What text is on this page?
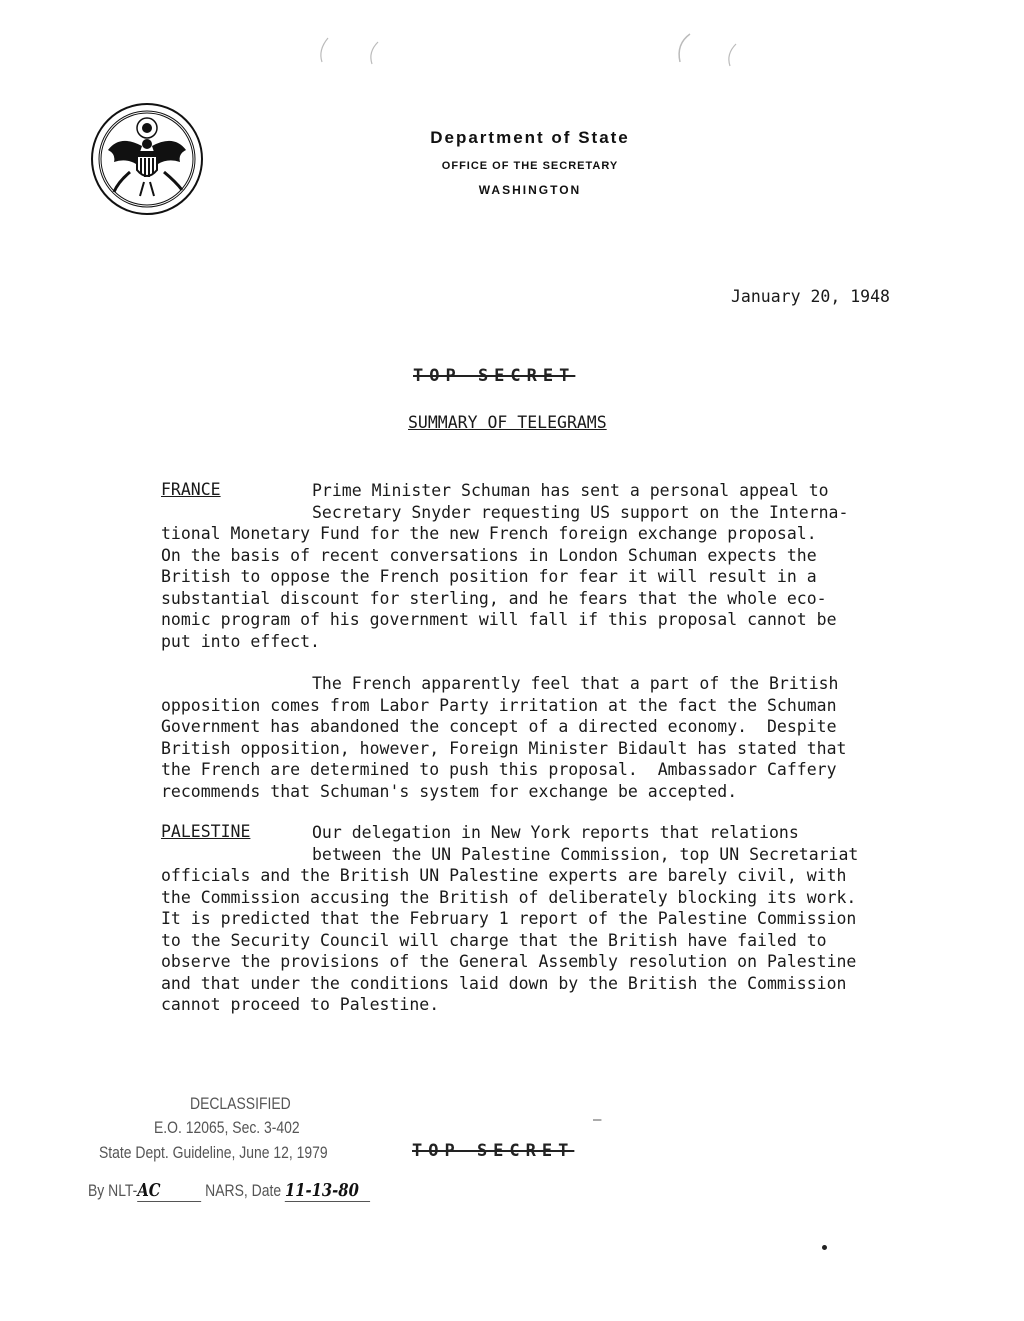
Department of State
OFFICE OF THE SECRETARY
WASHINGTON
January 20, 1948
TOP SECRET
SUMMARY OF TELEGRAMS
FRANCE	Prime Minister Schuman has sent a personal appeal to
Secretary Snyder requesting US support on the Interna-
tional Monetary Fund for the new French foreign exchange proposal.
On the basis of recent conversations in London Schuman expects the
British to oppose the French position for fear it will result in a
substantial discount for sterling, and he fears that the whole eco-
nomic program of his government will fall if this proposal cannot be
put into effect.
The French apparently feel that a part of the British
opposition comes from Labor Party irritation at the fact the Schuman
Government has abandoned the concept of a directed economy.  Despite
British opposition, however, Foreign Minister Bidault has stated that
the French are determined to push this proposal.  Ambassador Caffery
recommends that Schuman's system for exchange be accepted.
PALESTINE	Our delegation in New York reports that relations
between the UN Palestine Commission, top UN Secretariat
officials and the British UN Palestine experts are barely civil, with
the Commission accusing the British of deliberately blocking its work.
It is predicted that the February 1 report of the Palestine Commission
to the Security Council will charge that the British have failed to
observe the provisions of the General Assembly resolution on Palestine
and that under the conditions laid down by the British the Commission
cannot proceed to Palestine.
–
TOP SECRET
DECLASSIFIED
E.O. 12065, Sec. 3-402
State Dept. Guideline, June 12, 1979
By NLT-AC	NARS, Date 11-13-80
